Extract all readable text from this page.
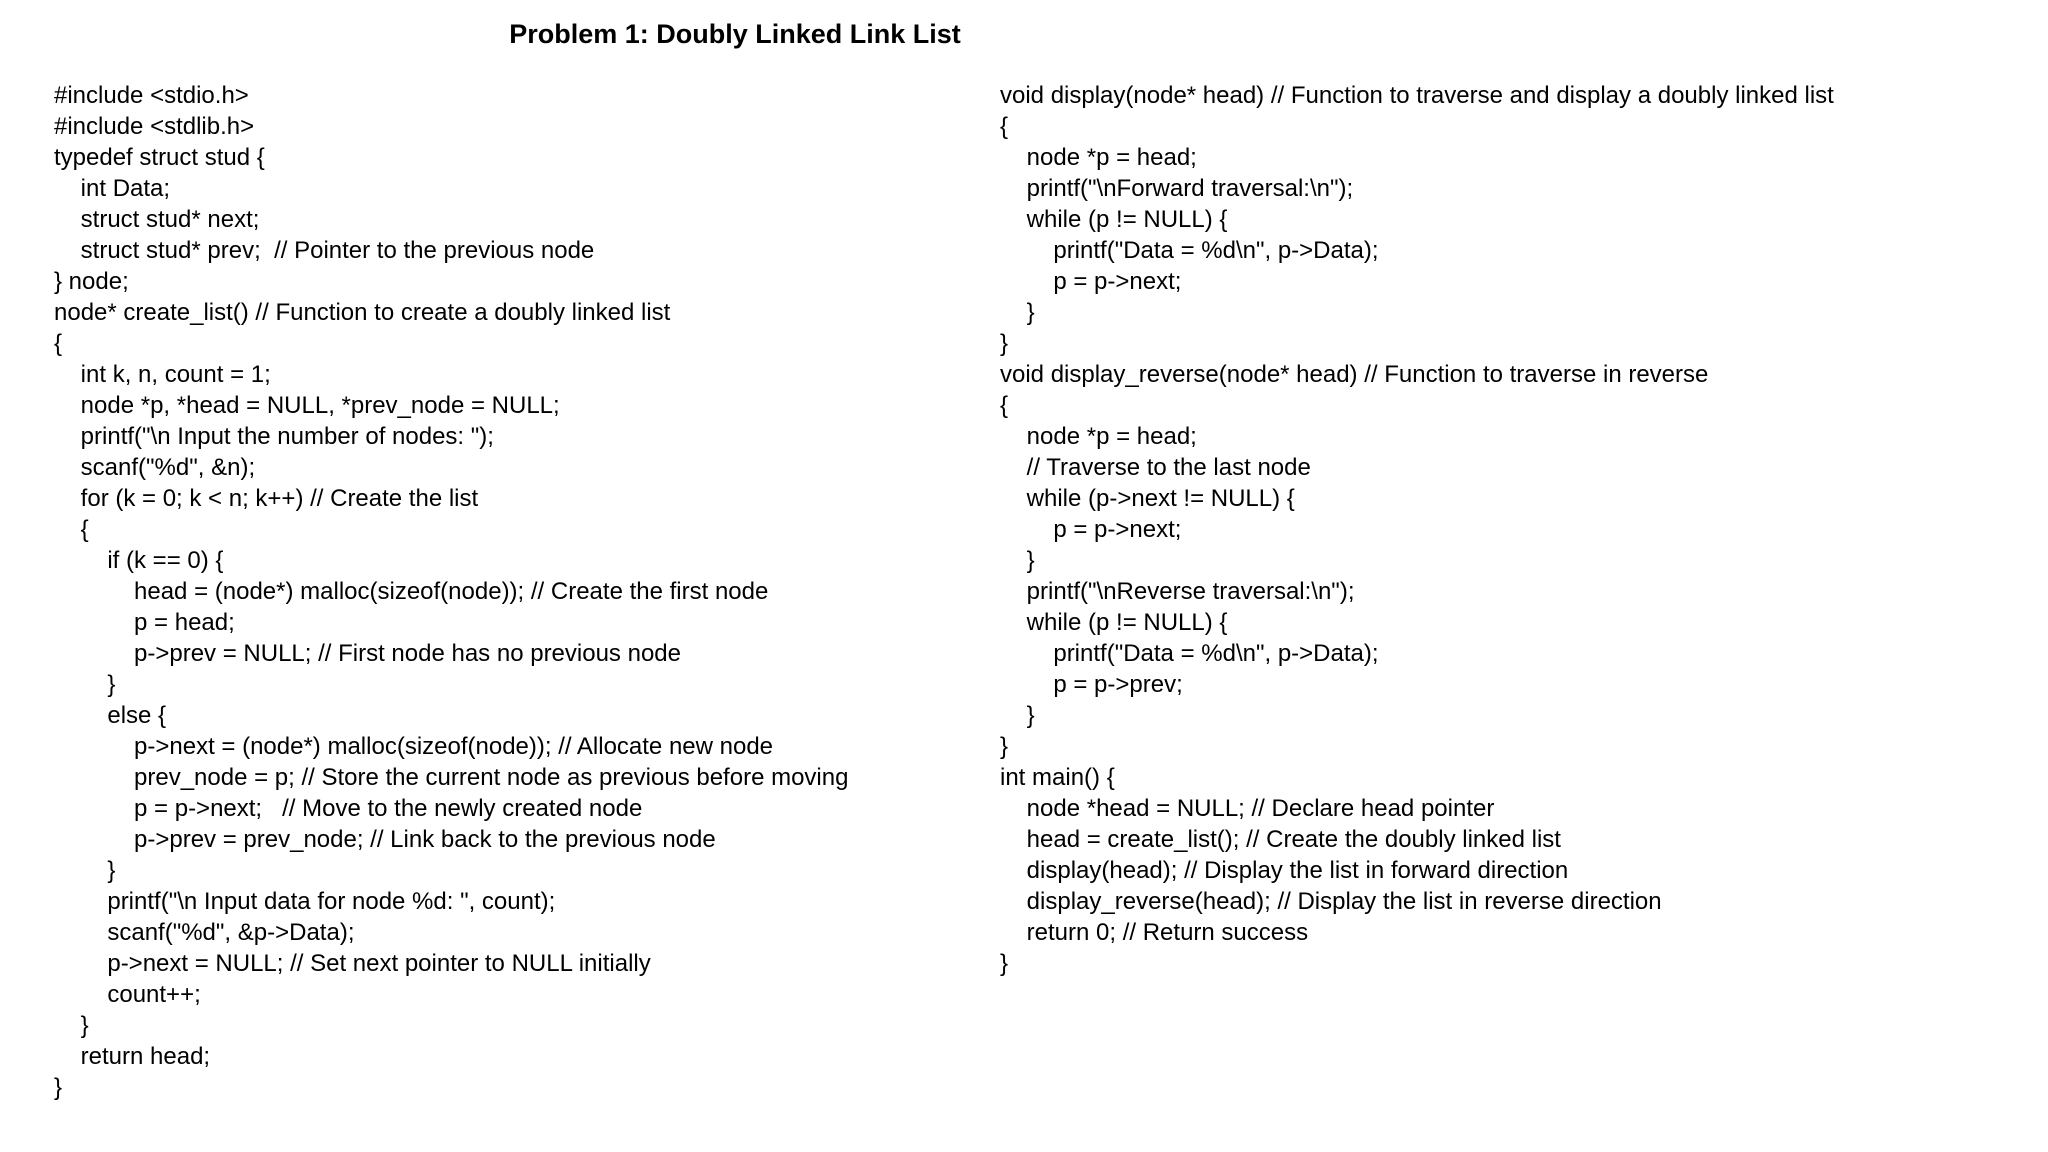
Problem 1: Doubly Linked Link List
#include <stdio.h>
#include <stdlib.h>
typedef struct stud {
int Data;
struct stud* next;
struct stud* prev;  // Pointer to the previous node
} node;
node* create_list() // Function to create a doubly linked list
{
int k, n, count = 1;
node *p, *head = NULL, *prev_node = NULL;
printf("\n Input the number of nodes: ");
scanf("%d", &n);
for (k = 0; k < n; k++) // Create the list
{
if (k == 0) {
head = (node*) malloc(sizeof(node)); // Create the first node
p = head;
p->prev = NULL; // First node has no previous node
}
else {
p->next = (node*) malloc(sizeof(node)); // Allocate new node
prev_node = p; // Store the current node as previous before moving
p = p->next;   // Move to the newly created node
p->prev = prev_node; // Link back to the previous node
}
printf("\n Input data for node %d: ", count);
scanf("%d", &p->Data);
p->next = NULL; // Set next pointer to NULL initially
count++;
}
return head;
}
void display(node* head) // Function to traverse and display a doubly linked list
{
node *p = head;
printf("\nForward traversal:\n");
while (p != NULL) {
printf("Data = %d\n", p->Data);
p = p->next;
}
}
void display_reverse(node* head) // Function to traverse in reverse
{
node *p = head;
// Traverse to the last node
while (p->next != NULL) {
p = p->next;
}
printf("\nReverse traversal:\n");
while (p != NULL) {
printf("Data = %d\n", p->Data);
p = p->prev;
}
}
int main() {
node *head = NULL; // Declare head pointer
head = create_list(); // Create the doubly linked list
display(head); // Display the list in forward direction
display_reverse(head); // Display the list in reverse direction
return 0; // Return success
}
